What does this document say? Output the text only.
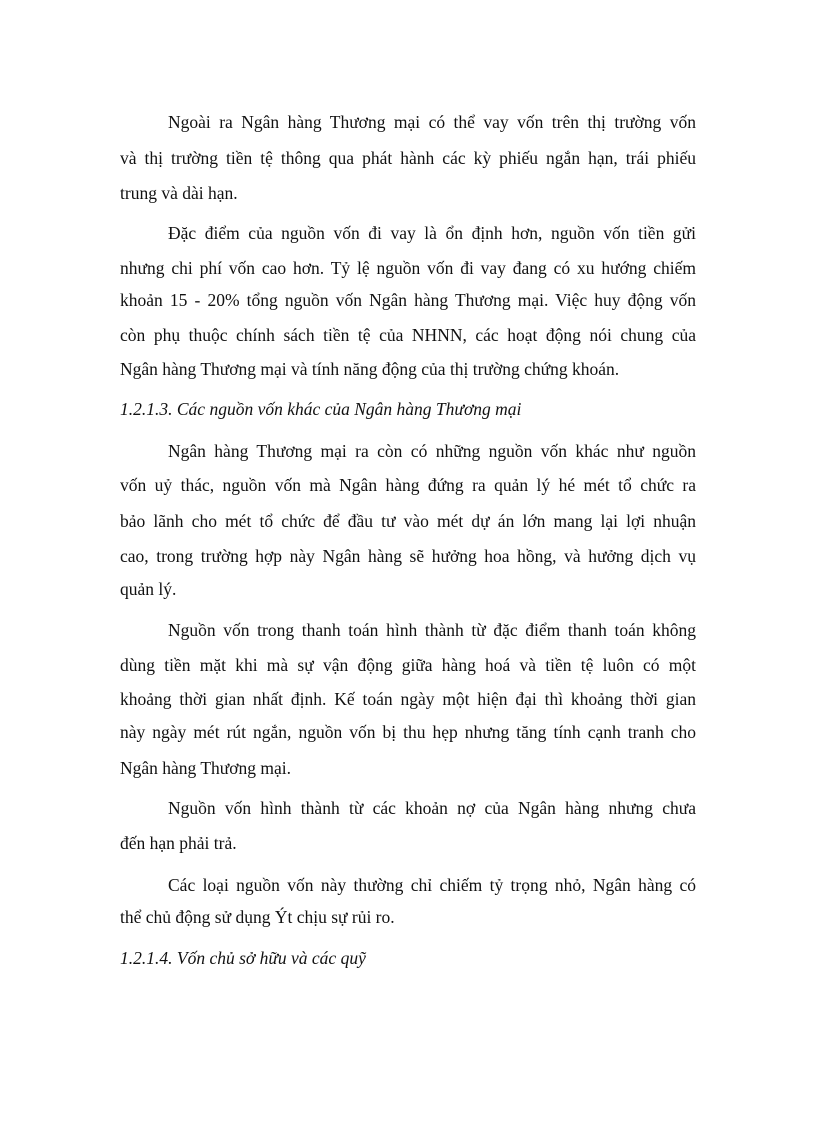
Ngoài ra Ngân hàng Thương mại có thể vay vốn trên thị trường vốn
và thị trường tiền tệ thông qua phát hành các kỳ phiếu ngắn hạn, trái phiếu
trung và dài hạn.
Đặc điểm của nguồn vốn đi vay là ổn định hơn, nguồn vốn tiền gửi
nhưng chi phí vốn cao hơn. Tỷ lệ nguồn vốn đi vay đang có xu hướng chiếm
khoản 15 - 20% tổng nguồn vốn Ngân hàng Thương mại. Việc huy động vốn
còn phụ thuộc chính sách tiền tệ của NHNN, các hoạt động nói chung của
Ngân hàng Thương mại và tính năng động của thị trường chứng khoán.
1.2.1.3. Các nguồn vốn khác của Ngân hàng Thương mại
Ngân hàng Thương mại ra còn có những nguồn vốn khác như nguồn
vốn uỷ thác, nguồn vốn mà Ngân hàng đứng ra quản lý hé mét tổ chức ra
bảo lãnh cho mét tổ chức để đầu tư vào mét dự án lớn mang lại lợi nhuận
cao, trong trường hợp này Ngân hàng sẽ hưởng hoa hồng, và hưởng dịch vụ
quản lý.
Nguồn vốn trong thanh toán hình thành từ đặc điểm thanh toán không
dùng tiền mặt khi mà sự vận động giữa hàng hoá và tiền tệ luôn có một
khoảng thời gian nhất định. Kế toán ngày một hiện đại thì khoảng thời gian
này ngày mét rút ngắn, nguồn vốn bị thu hẹp nhưng tăng tính cạnh tranh cho
Ngân hàng Thương mại.
Nguồn vốn hình thành từ các khoản nợ của Ngân hàng nhưng chưa
đến hạn phải trả.
Các loại nguồn vốn này thường chỉ chiếm tỷ trọng nhỏ, Ngân hàng có
thể chủ động sử dụng Ýt chịu sự rủi ro.
1.2.1.4. Vốn chủ sở hữu và các quỹ
